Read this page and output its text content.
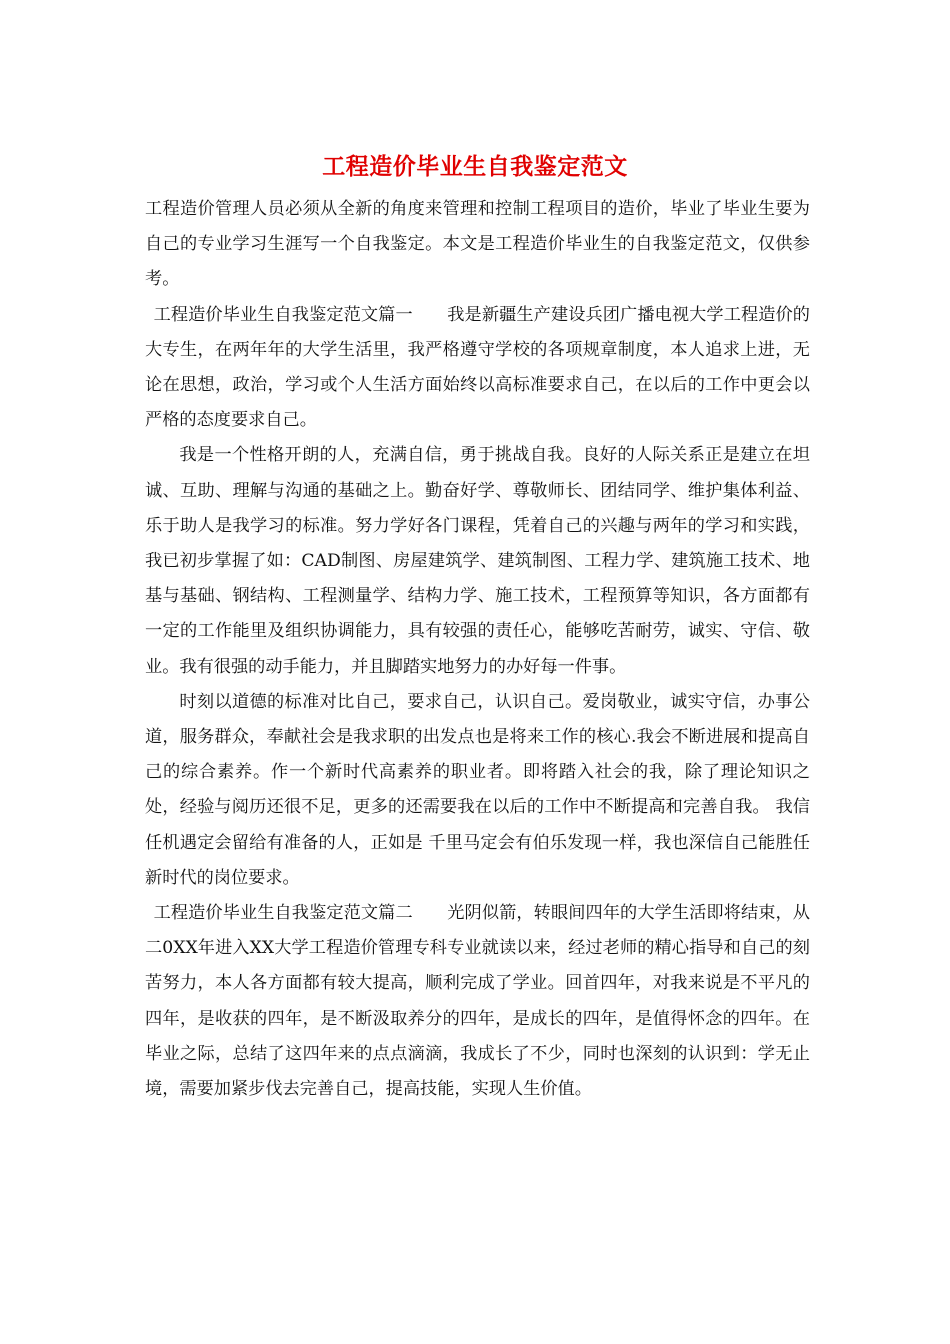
工程造价毕业生自我鉴定范文

工程造价管理人员必须从全新的角度来管理和控制工程项目的造价，毕业了毕业生要为自己的专业学习生涯写一个自我鉴定。本文是工程造价毕业生的自我鉴定范文，仅供参考。

工程造价毕业生自我鉴定范文篇一　　我是新疆生产建设兵团广播电视大学工程造价的大专生，在两年年的大学生活里，我严格遵守学校的各项规章制度，本人追求上进，无论在思想，政治，学习或个人生活方面始终以高标准要求自己，在以后的工作中更会以严格的态度要求自己。

我是一个性格开朗的人，充满自信，勇于挑战自我。良好的人际关系正是建立在坦诚、互助、理解与沟通的基础之上。勤奋好学、尊敬师长、团结同学、维护集体利益、乐于助人是我学习的标准。努力学好各门课程，凭着自己的兴趣与两年的学习和实践，我已初步掌握了如：CAD制图、房屋建筑学、建筑制图、工程力学、建筑施工技术、地基与基础、钢结构、工程测量学、结构力学、施工技术，工程预算等知识，各方面都有一定的工作能里及组织协调能力，具有较强的责任心，能够吃苦耐劳，诚实、守信、敬业。我有很强的动手能力，并且脚踏实地努力的办好每一件事。

时刻以道德的标准对比自己，要求自己，认识自己。爱岗敬业，诚实守信，办事公道，服务群众，奉献社会是我求职的出发点也是将来工作的核心.我会不断进展和提高自己的综合素养。作一个新时代高素养的职业者。即将踏入社会的我，除了理论知识之处，经验与阅历还很不足，更多的还需要我在以后的工作中不断提高和完善自我。 我信任机遇定会留给有准备的人，正如是 千里马定会有伯乐发现一样，我也深信自己能胜任新时代的岗位要求。

工程造价毕业生自我鉴定范文篇二　　光阴似箭，转眼间四年的大学生活即将结束，从二0XX年进入XX大学工程造价管理专科专业就读以来，经过老师的精心指导和自己的刻苦努力，本人各方面都有较大提高，顺利完成了学业。回首四年，对我来说是不平凡的四年，是收获的四年，是不断汲取养分的四年，是成长的四年，是值得怀念的四年。在毕业之际，总结了这四年来的点点滴滴，我成长了不少，同时也深刻的认识到：学无止境，需要加紧步伐去完善自己，提高技能，实现人生价值。
